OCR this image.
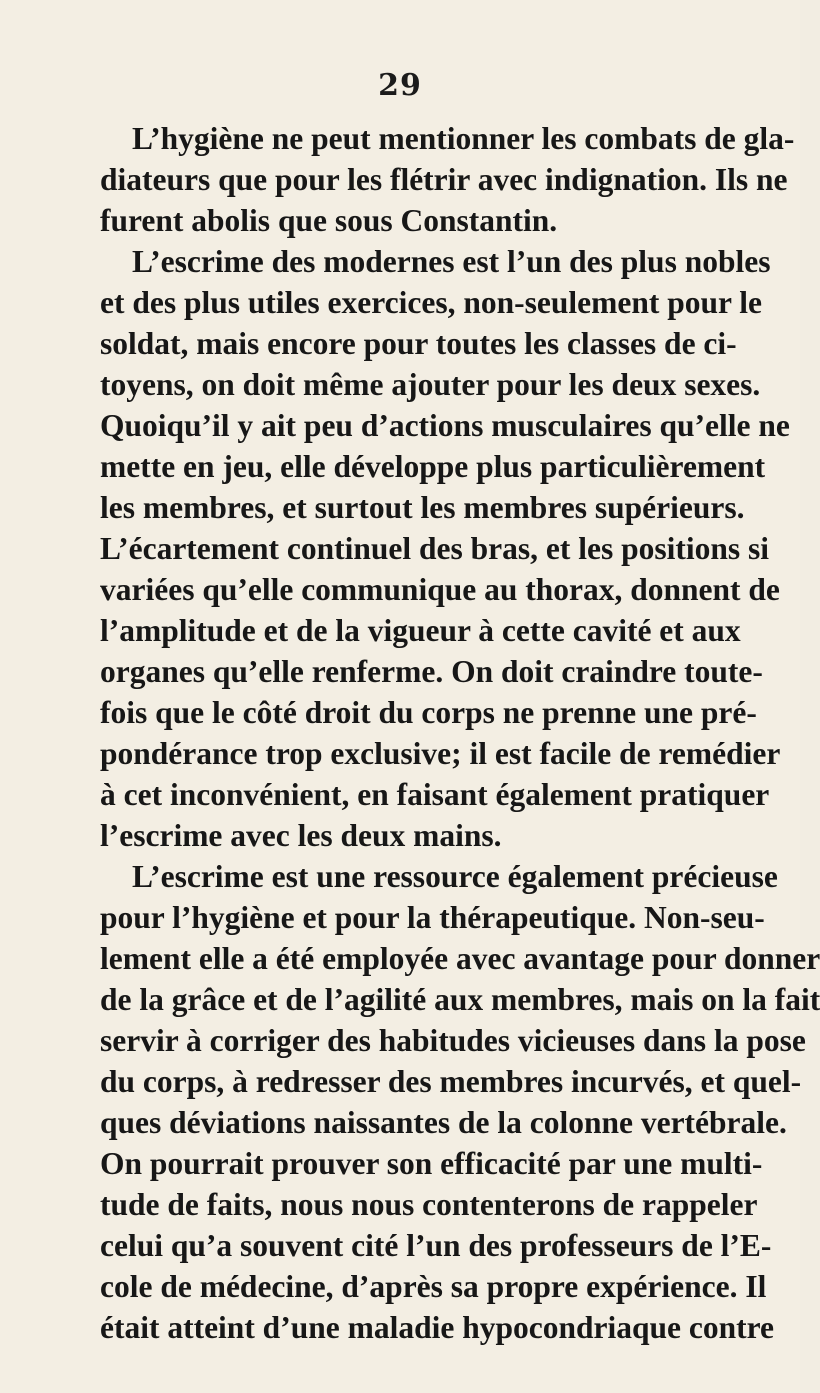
29
L’hygiène ne peut mentionner les combats de gla-
diateurs que pour les flétrir avec indignation. Ils ne
furent abolis que sous Constantin.
L’escrime des modernes est l’un des plus nobles
et des plus utiles exercices, non-seulement pour le
soldat, mais encore pour toutes les classes de ci-
toyens, on doit même ajouter pour les deux sexes.
Quoiqu’il y ait peu d’actions musculaires qu’elle ne
mette en jeu, elle développe plus particulièrement
les membres, et surtout les membres supérieurs.
L’écartement continuel des bras, et les positions si
variées qu’elle communique au thorax, donnent de
l’amplitude et de la vigueur à cette cavité et aux
organes qu’elle renferme. On doit craindre toute-
fois que le côté droit du corps ne prenne une pré-
pondérance trop exclusive; il est facile de remédier
à cet inconvénient, en faisant également pratiquer
l’escrime avec les deux mains.
L’escrime est une ressource également précieuse
pour l’hygiène et pour la thérapeutique. Non-seu-
lement elle a été employée avec avantage pour donner
de la grâce et de l’agilité aux membres, mais on la fait
servir à corriger des habitudes vicieuses dans la pose
du corps, à redresser des membres incurvés, et quel-
ques déviations naissantes de la colonne vertébrale.
On pourrait prouver son efficacité par une multi-
tude de faits, nous nous contenterons de rappeler
celui qu’a souvent cité l’un des professeurs de l’E-
cole de médecine, d’après sa propre expérience. Il
était atteint d’une maladie hypocondriaque contre
